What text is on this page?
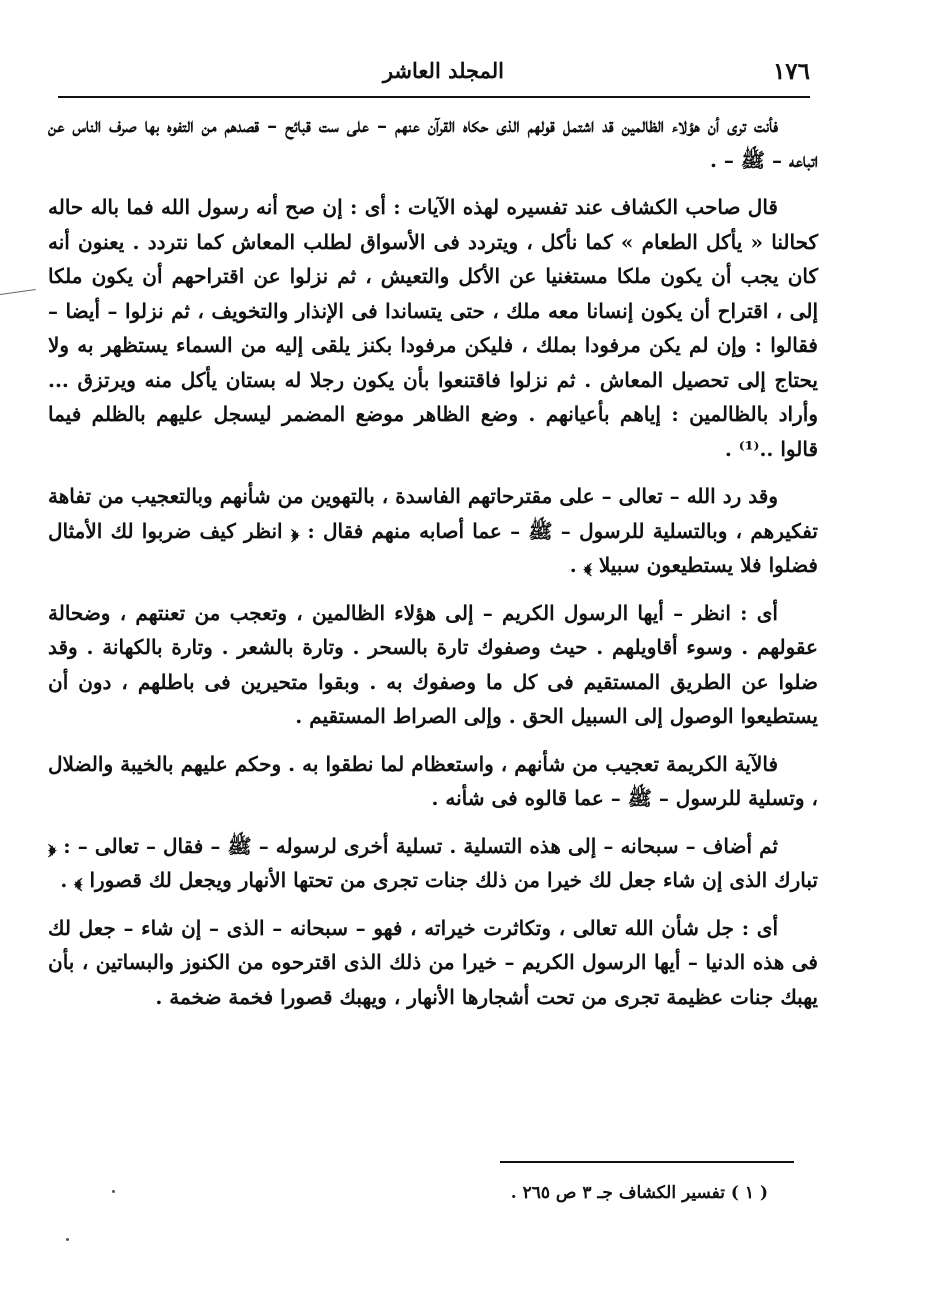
١٧٦
المجلد العاشر

فأنت ترى أن هؤلاء الظالمين قد اشتمل قولهم الذى حكاه القرآن عنهم – على ست قبائح – قصدهم من التفوه بها صرف الناس عن اتباعه – ﷺ – .

قال صاحب الكشاف عند تفسيره لهذه الآيات : أى : إن صح أنه رسول الله فما باله حاله كحالنا « يأكل الطعام » كما نأكل ، ويتردد فى الأسواق لطلب المعاش كما نتردد . يعنون أنه كان يجب أن يكون ملكا مستغنيا عن الأكل والتعيش ، ثم نزلوا عن اقتراحهم أن يكون ملكا إلى ، اقتراح أن يكون إنسانا معه ملك ، حتى يتساندا فى الإنذار والتخويف ، ثم نزلوا – أيضا – فقالوا : وإن لم يكن مرفودا بملك ، فليكن مرفودا بكنز يلقى إليه من السماء يستظهر به ولا يحتاج إلى تحصيل المعاش . ثم نزلوا فاقتنعوا بأن يكون رجلا له بستان يأكل منه ويرتزق ... وأراد بالظالمين : إياهم بأعيانهم . وضع الظاهر موضع المضمر ليسجل عليهم بالظلم فيما قالوا ..⁽¹⁾ .

وقد رد الله – تعالى – على مقترحاتهم الفاسدة ، بالتهوين من شأنهم وبالتعجيب من تفاهة تفكيرهم ، وبالتسلية للرسول – ﷺ – عما أصابه منهم فقال : ﴿ انظر كيف ضربوا لك الأمثال فضلوا فلا يستطيعون سبيلا ﴾ .

أى : انظر – أيها الرسول الكريم – إلى هؤلاء الظالمين ، وتعجب من تعنتهم ، وضحالة عقولهم . وسوء أقاويلهم . حيث وصفوك تارة بالسحر . وتارة بالشعر . وتارة بالكهانة . وقد ضلوا عن الطريق المستقيم فى كل ما وصفوك به . وبقوا متحيرين فى باطلهم ، دون أن يستطيعوا الوصول إلى السبيل الحق . وإلى الصراط المستقيم .

فالآية الكريمة تعجيب من شأنهم ، واستعظام لما نطقوا به . وحكم عليهم بالخيبة والضلال ، وتسلية للرسول – ﷺ – عما قالوه فى شأنه .

ثم أضاف – سبحانه – إلى هذه التسلية . تسلية أخرى لرسوله – ﷺ – فقال – تعالى – : ﴿ تبارك الذى إن شاء جعل لك خيرا من ذلك جنات تجرى من تحتها الأنهار ويجعل لك قصورا ﴾ .

أى : جل شأن الله تعالى ، وتكاثرت خيراته ، فهو – سبحانه – الذى – إن شاء – جعل لك فى هذه الدنيا – أيها الرسول الكريم – خيرا من ذلك الذى اقترحوه من الكنوز والبساتين ، بأن يهبك جنات عظيمة تجرى من تحت أشجارها الأنهار ، ويهبك قصورا فخمة ضخمة .

( ١ ) تفسير الكشاف جـ ٣ ص ٢٦٥ .
